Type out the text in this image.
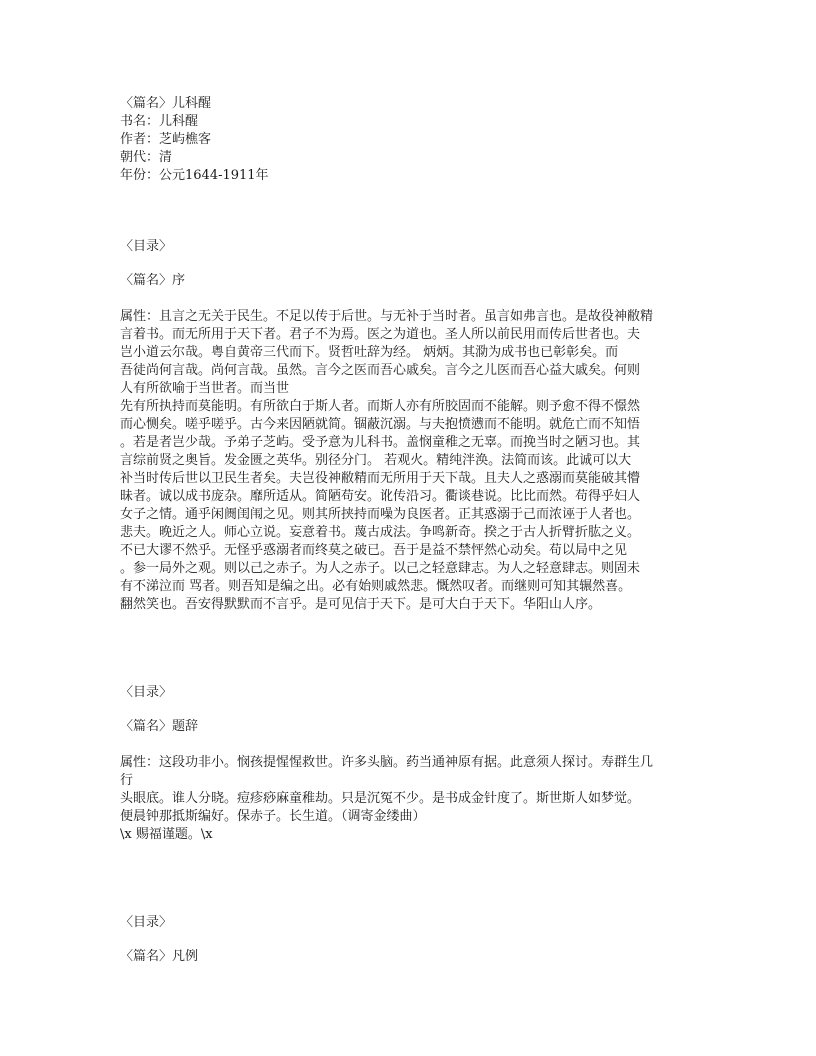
〈篇名〉儿科醒
书名：儿科醒
作者：芝屿樵客
朝代：清
年份：公元1644-1911年
〈目录〉
〈篇名〉序
属性：且言之无关于民生。不足以传于后世。与无补于当时者。虽言如弗言也。是故役神敝精
言着书。而无所用于天下者。君子不为焉。医之为道也。圣人所以前民用而传后世者也。夫
岂小道云尔哉。粤自黄帝三代而下。贤哲吐辞为经。 炳炳。其泐为成书也已彰彰矣。而
吾徒尚何言哉。尚何言哉。虽然。言今之医而吾心戚矣。言今之儿医而吾心益大戚矣。何则
人有所欲喻于当世者。而当世
先有所执持而莫能明。有所欲白于斯人者。而斯人亦有所胶固而不能解。则予愈不得不憬然
而心恻矣。嗟乎嗟乎。古今来因陋就简。锢蔽沉溺。与夫抱愤懑而不能明。就危亡而不知悟
。若是者岂少哉。予弟子芝屿。受予意为儿科书。盖悯童稚之无辜。而挽当时之陋习也。其
言综前贤之奥旨。发金匮之英华。别径分门。 若观火。精纯泮涣。法简而该。此诚可以大
补当时传后世以卫民生者矣。夫岂役神敝精而无所用于天下哉。且夫人之惑溺而莫能破其懵
昧者。诚以成书庞杂。靡所适从。简陋苟安。讹传沿习。衢谈巷说。比比而然。苟得乎妇人
女子之情。通乎闲阓闺闱之见。则其所挟持而噪为良医者。正其惑溺于己而浓诬于人者也。
悲夫。晚近之人。师心立说。妄意着书。蔑古成法。争鸣新奇。揆之于古人折臂折肱之义。
不已大谬不然乎。无怪乎惑溺者而终莫之破已。吾于是益不禁怦然心动矣。苟以局中之见
。参一局外之观。则以己之赤子。为人之赤子。以己之轻意肆志。为人之轻意肆志。则固未
有不涕泣而 骂者。则吾知是编之出。必有始则戚然悲。慨然叹者。而继则可知其辗然喜。
翻然笑也。吾安得默默而不言乎。是可见信于天下。是可大白于天下。华阳山人序。
〈目录〉
〈篇名〉题辞
属性：这段功非小。悯孩提惺惺救世。许多头脑。药当通神原有据。此意须人探讨。寿群生几
行
头眼底。谁人分晓。痘疹痧麻童稚劫。只是沉冤不少。是书成金针度了。斯世斯人如梦觉。
便晨钟那抵斯编好。保赤子。长生道。（调寄金缕曲）
\x 赐福谨题。\x
〈目录〉
〈篇名〉凡例
